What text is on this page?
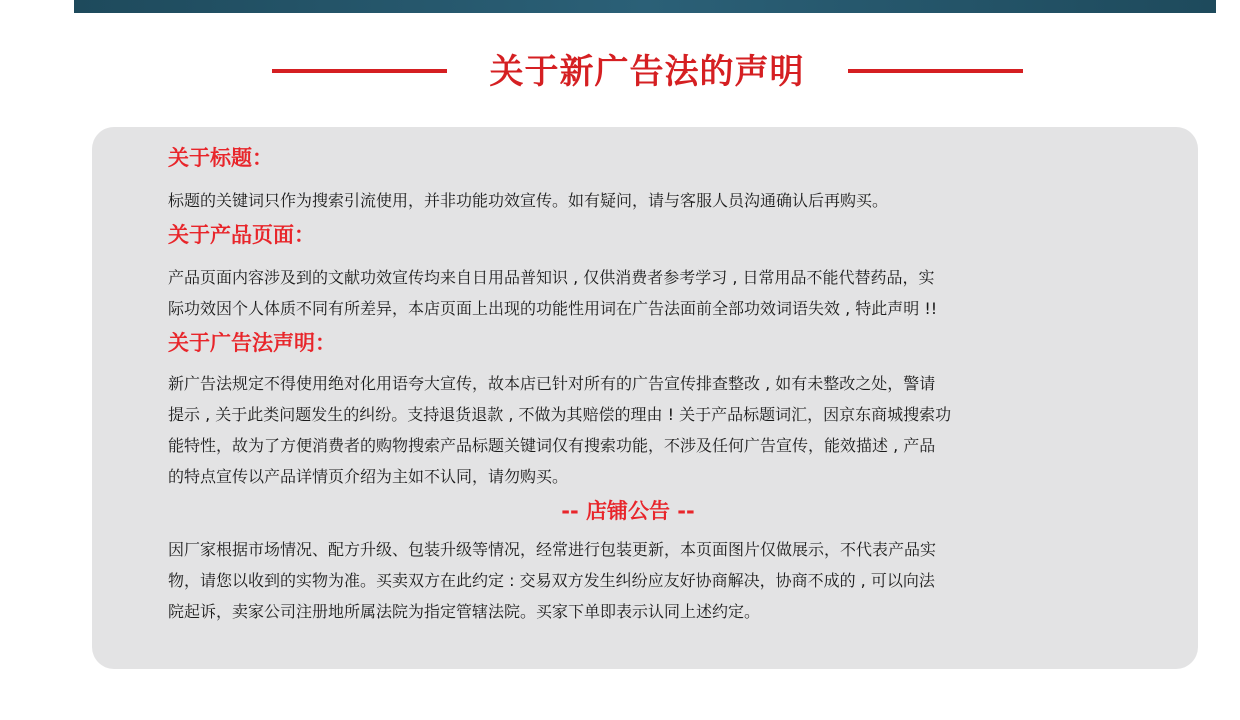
关于新广告法的声明
关于标题：
标题的关键词只作为搜索引流使用，并非功能功效宣传。如有疑问，请与客服人员沟通确认后再购买。
关于产品页面：
产品页面内容涉及到的文献功效宣传均来自日用品普知识 , 仅供消费者参考学习 , 日常用品不能代替药品，实
际功效因个人体质不同有所差异，本店页面上出现的功能性用词在广告法面前全部功效词语失效 , 特此声明 !!
关于广告法声明：
新广告法规定不得使用绝对化用语夸大宣传，故本店已针对所有的广告宣传排查整改 , 如有未整改之处，警请
提示 , 关于此类问题发生的纠纷。支持退货退款 , 不做为其赔偿的理由 ! 关于产品标题词汇，因京东商城搜索功
能特性，故为了方便消费者的购物搜索产品标题关键词仅有搜索功能，不涉及任何广告宣传，能效描述 , 产品
的特点宣传以产品详情页介绍为主如不认同，请勿购买。
-- 店铺公告 --
因厂家根据市场情况、配方升级、包装升级等情况，经常进行包装更新，本页面图片仅做展示，不代表产品实
物，请您以收到的实物为准。买卖双方在此约定 : 交易双方发生纠纷应友好协商解决，协商不成的 , 可以向法
院起诉，卖家公司注册地所属法院为指定管辖法院。买家下单即表示认同上述约定。
